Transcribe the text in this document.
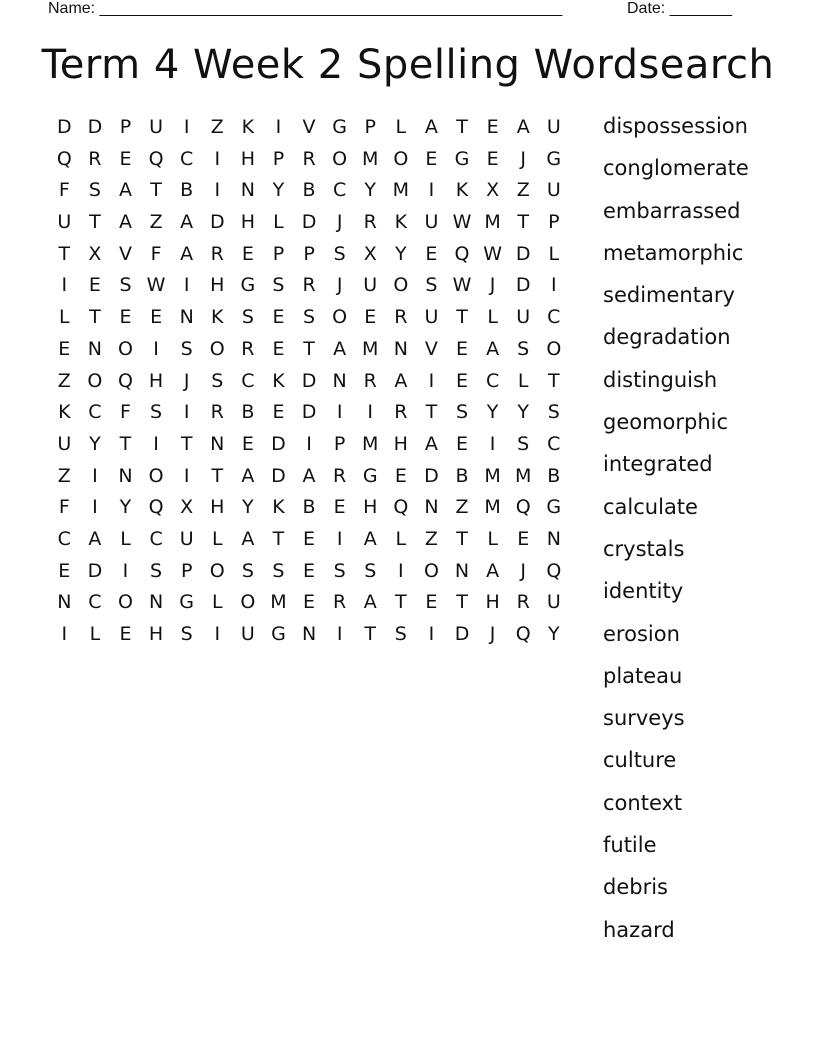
Name: ____________________________________________________	Date: _______
Term 4 Week 2 Spelling Wordsearch
D D P U	I	Z K	I	V G P	L A T E A U
Q R E Q C	I	H P R O M O E G E	J	G
F	S A T B	I	N Y B C Y M	I	K X Z U
U T A Z A D H L D	J	R K U W M T	P
T X V F A R E P	P S X Y E Q W D L
I	E S W I	H G S R	J	U O S W J	D	I
L	T E E N K S E S O E R U T	L U C
E N O	I	S O R E T A M N V E A S O
Z O Q H	J	S C K D N R A	I	E C L	T
K C F	S	I	R B E D	I	I	R T S Y Y S
U Y T	I	T N E D	I	P M H A E	I	S C
Z	I	N O	I	T A D A R G E D B M M B
F	I	Y Q X H Y K B E H Q N Z M Q G
C A L C U L A T E	I	A L Z T	L	E N
E D	I	S P O S S E S S	I	O N A	J	Q
N C O N G L O M E R A T E T H R U
I	L	E H S	I	U G N	I	T S	I	D	J	Q Y
dispossession
conglomerate
embarrassed
metamorphic
sedimentary
degradation
distinguish
geomorphic
integrated
calculate
crystals
identity
erosion
plateau
surveys
culture
context
futile
debris
hazard
